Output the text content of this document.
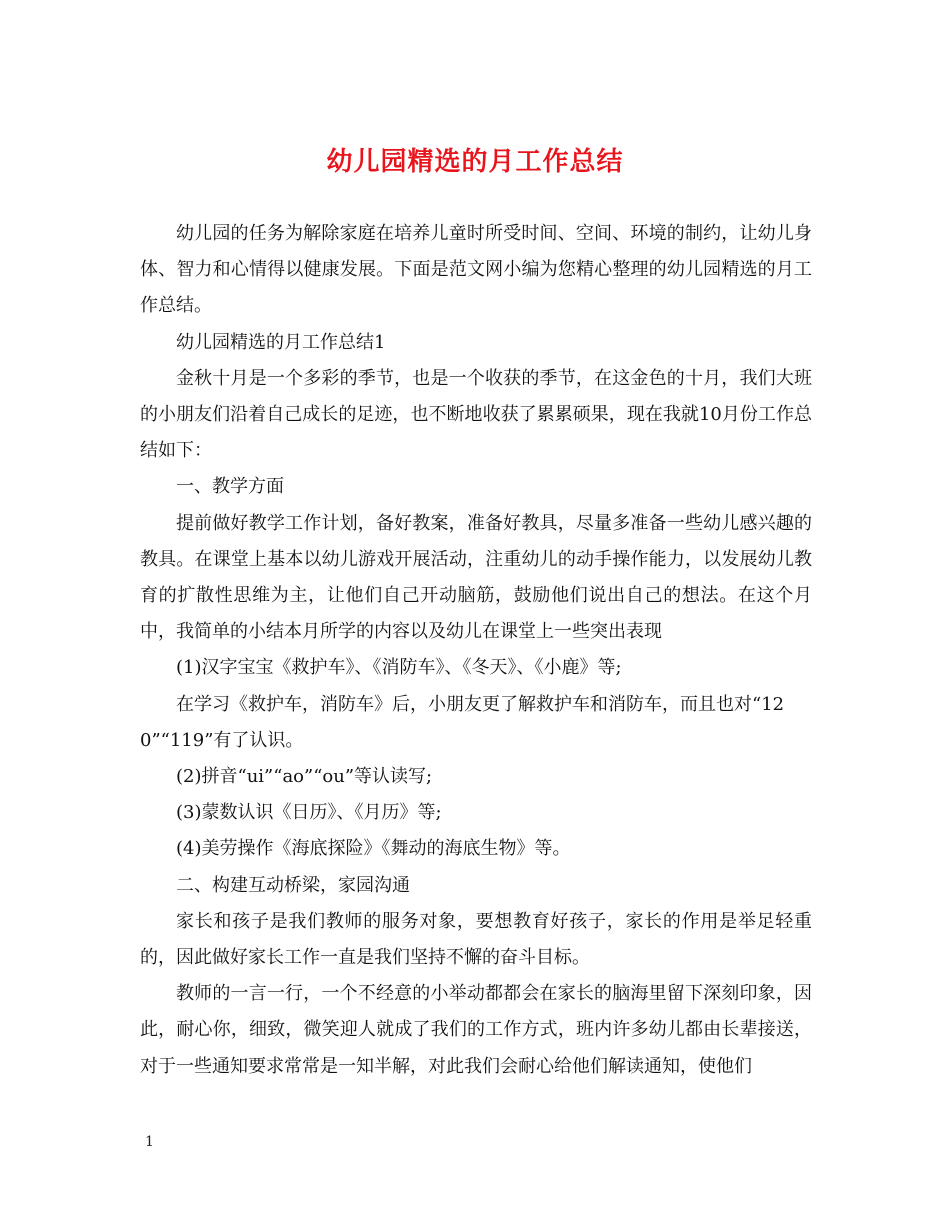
幼儿园精选的月工作总结

幼儿园的任务为解除家庭在培养儿童时所受时间、空间、环境的制约，让幼儿身体、智力和心情得以健康发展。下面是范文网小编为您精心整理的幼儿园精选的月工作总结。

幼儿园精选的月工作总结1

金秋十月是一个多彩的季节，也是一个收获的季节，在这金色的十月，我们大班的小朋友们沿着自己成长的足迹，也不断地收获了累累硕果，现在我就10月份工作总结如下：

一、教学方面

提前做好教学工作计划，备好教案，准备好教具，尽量多准备一些幼儿感兴趣的教具。在课堂上基本以幼儿游戏开展活动，注重幼儿的动手操作能力，以发展幼儿教育的扩散性思维为主，让他们自己开动脑筋，鼓励他们说出自己的想法。在这个月中，我简单的小结本月所学的内容以及幼儿在课堂上一些突出表现

(1)汉字宝宝《救护车》、《消防车》、《冬天》、《小鹿》等;

在学习《救护车，消防车》后，小朋友更了解救护车和消防车，而且也对“120”“119”有了认识。

(2)拼音“ui”“ao”“ou”等认读写;

(3)蒙数认识《日历》、《月历》等;

(4)美劳操作《海底探险》《舞动的海底生物》等。

二、构建互动桥梁，家园沟通

家长和孩子是我们教师的服务对象，要想教育好孩子，家长的作用是举足轻重的，因此做好家长工作一直是我们坚持不懈的奋斗目标。

教师的一言一行，一个不经意的小举动都都会在家长的脑海里留下深刻印象，因此，耐心你，细致，微笑迎人就成了我们的工作方式，班内许多幼儿都由长辈接送，对于一些通知要求常常是一知半解，对此我们会耐心给他们解读通知，使他们

1
